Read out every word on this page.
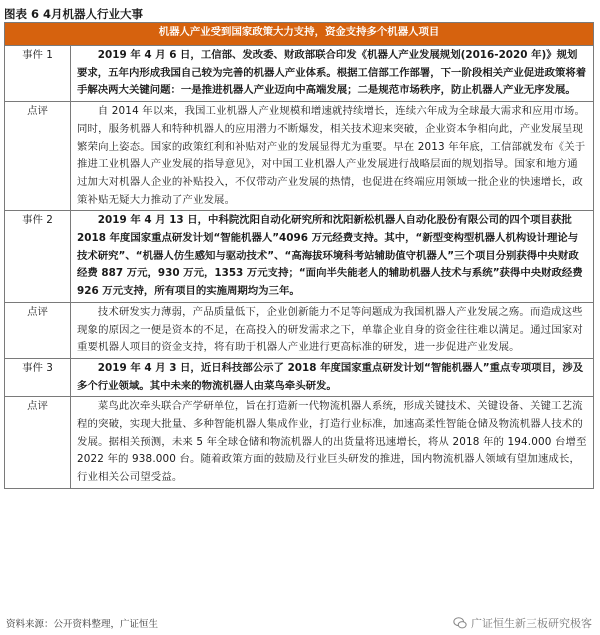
图表 6 4月机器人行业大事
机器人产业受到国家政策大力支持，资金支持多个机器人项目	
事件 1	2019 年 4 月 6 日，工信部、发改委、财政部联合印发《机器人产业发展规划(2016-2020 年)》规划要求，五年内形成我国自己较为完善的机器人产业体系。根据工信部工作部署，下一阶段相关产业促进政策将着手解决两大关键问题：一是推进机器人产业迈向中高端发展；二是规范市场秩序，防止机器人产业无序发展。
点评	自 2014 年以来，我国工业机器人产业规模和增速就持续增长，连续六年成为全球最大需求和应用市场。同时，服务机器人和特种机器人的应用潜力不断爆发，相关技术迎来突破，企业资本争相向此，产业发展呈现繁荣向上姿态。国家的政策红利和补贴对产业的发展显得尤为重要。早在 2013 年年底，工信部就发布《关于推进工业机器人产业发展的指导意见》，对中国工业机器人产业发展进行战略层面的规划指导。国家和地方通过加大对机器人企业的补贴投入，不仅带动产业发展的热情，也促进在终端应用领域一批企业的快速增长，政策补贴无疑大力推动了产业发展。
事件 2	2019 年 4 月 13 日，中科院沈阳自动化研究所和沈阳新松机器人自动化股份有限公司的四个项目获批 2018 年度国家重点研发计划“智能机器人”4096 万元经费支持。其中，“新型变构型机器人机构设计理论与技术研究”、“机器人仿生感知与驱动技术”、“高海拔环境科考站辅助值守机器人”三个项目分别获得中央财政经费 887 万元，930 万元，1353 万元支持；“面向半失能老人的辅助机器人技术与系统”获得中央财政经费 926 万元支持，所有项目的实施周期均为三年。
点评	技术研发实力薄弱，产品质量低下，企业创新能力不足等问题成为我国机器人产业发展之殇。而造成这些现象的原因之一便是资本的不足，在高投入的研发需求之下，单靠企业自身的资金往往难以满足。通过国家对重要机器人项目的资金支持，将有助于机器人产业进行更高标准的研发，进一步促进产业发展。
事件 3	2019 年 4 月 3 日，近日科技部公示了 2018 年度国家重点研发计划“智能机器人”重点专项项目，涉及多个行业领域。其中未来的物流机器人由菜鸟牵头研发。
点评	菜鸟此次牵头联合产学研单位，旨在打造新一代物流机器人系统，形成关键技术、关键设备、关键工艺流程的突破，实现大批量、多种智能机器人集成作业，打造行业标准，加速高柔性智能仓储及物流机器人技术的发展。据相关预测，未来 5 年全球仓储和物流机器人的出货量将迅速增长，将从 2018 年的 194.000 台增至 2022 年的 938.000 台。随着政策方面的鼓励及行业巨头研发的推进，国内物流机器人领域有望加速成长，行业相关公司望受益。
资料来源：公开资料整理，广证恒生	广证恒生新三板研究极客
